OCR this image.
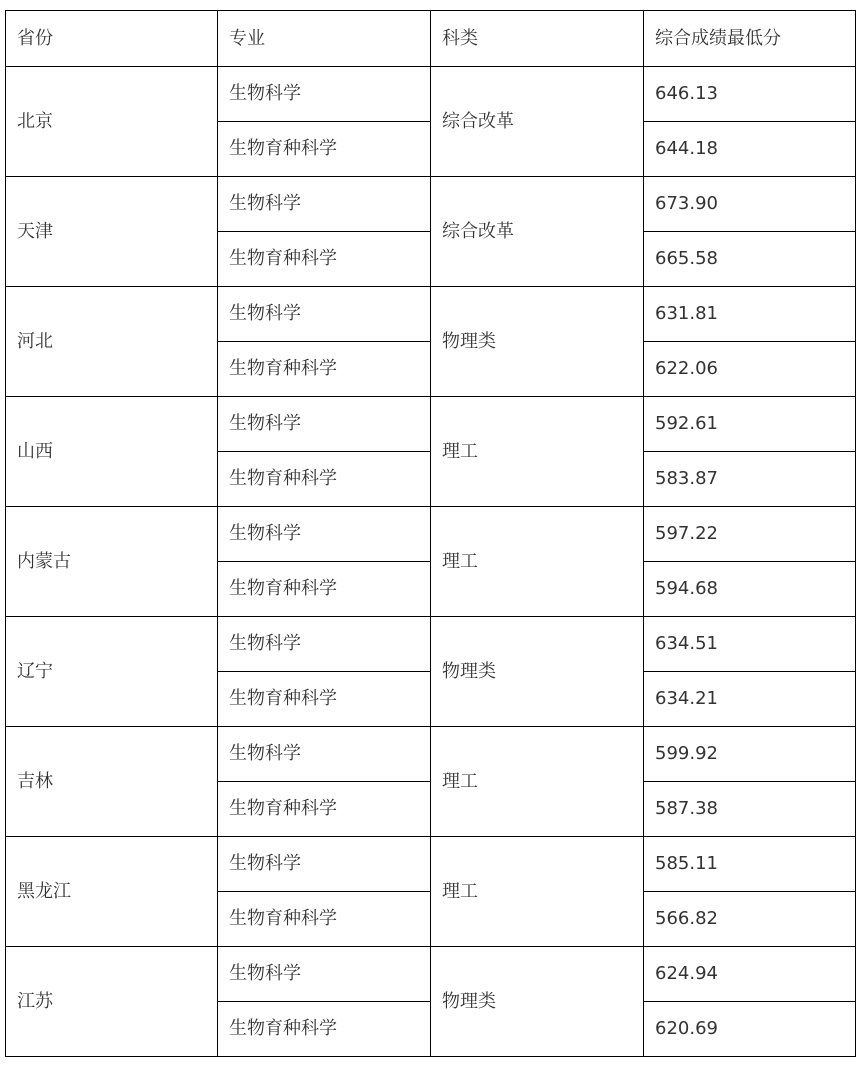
省份	专业	科类	综合成绩最低分
北京	生物科学	综合改革	646.13
	生物育种科学		644.18
天津	生物科学	综合改革	673.90
	生物育种科学		665.58
河北	生物科学	物理类	631.81
	生物育种科学		622.06
山西	生物科学	理工	592.61
	生物育种科学		583.87
内蒙古	生物科学	理工	597.22
	生物育种科学		594.68
辽宁	生物科学	物理类	634.51
	生物育种科学		634.21
吉林	生物科学	理工	599.92
	生物育种科学		587.38
黑龙江	生物科学	理工	585.11
	生物育种科学		566.82
江苏	生物科学	物理类	624.94
	生物育种科学		620.69
